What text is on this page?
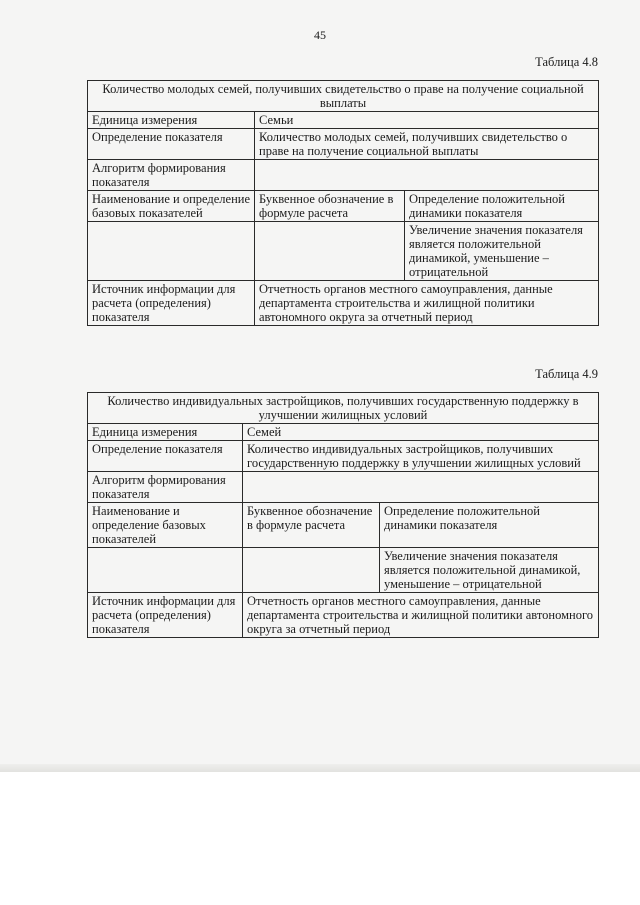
45
Таблица 4.8
Количество молодых семей, получивших свидетельство о праве на получение социальной выплаты		
Единица измерения	Семьи	
Определение показателя	Количество молодых семей, получивших свидетельство о праве на получение социальной выплаты	
Алгоритм формирования показателя		
Наименование и определение базовых показателей	Буквенное обозначение в формуле расчета	Определение положительной динамики показателя
		Увеличение значения показателя является положительной динамикой, уменьшение – отрицательной
Источник информации для расчета (определения) показателя	Отчетность органов местного самоуправления, данные департамента строительства и жилищной политики автономного округа за отчетный период	
Таблица 4.9
Количество индивидуальных застройщиков, получивших государственную поддержку в улучшении жилищных условий		
Единица измерения	Семей	
Определение показателя	Количество индивидуальных застройщиков, получивших государственную поддержку в улучшении жилищных условий	
Алгоритм формирования показателя		
Наименование и определение базовых показателей	Буквенное обозначение в формуле расчета	Определение положительной динамики показателя
		Увеличение значения показателя является положительной динамикой, уменьшение – отрицательной
Источник информации для расчета (определения) показателя	Отчетность органов местного самоуправления, данные департамента строительства и жилищной политики автономного округа за отчетный период	
